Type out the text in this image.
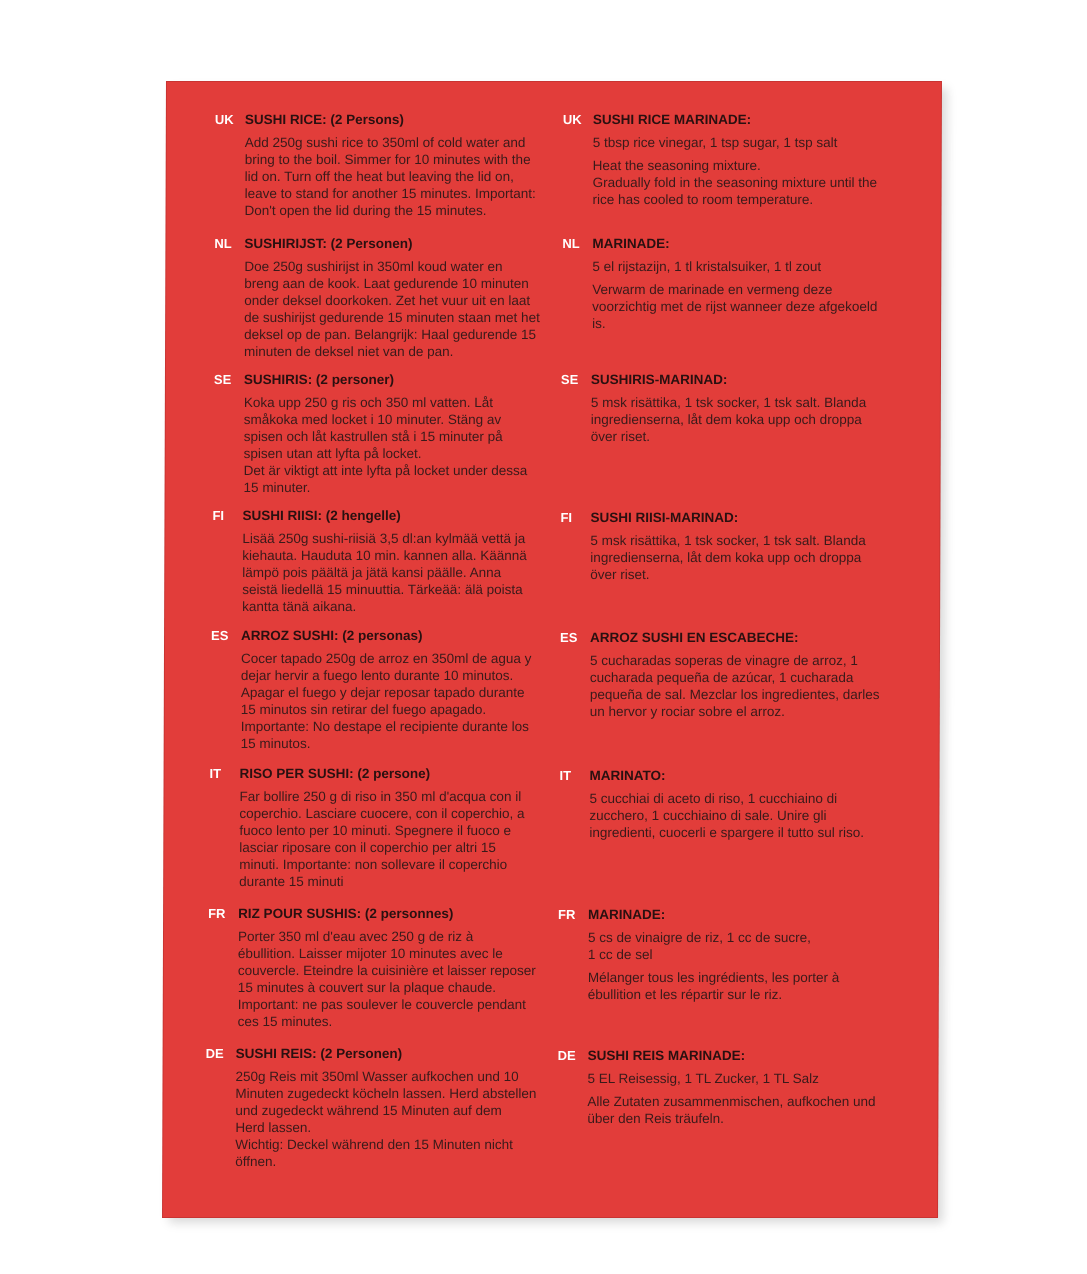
UK SUSHI RICE: (2 Persons)
Add 250g sushi rice to 350ml of cold water and
bring to the boil. Simmer for 10 minutes with the
lid on. Turn off the heat but leaving the lid on,
leave to stand for another 15 minutes. Important:
Don't open the lid during the 15 minutes.
NL SUSHIRIJST: (2 Personen)
Doe 250g sushirijst in 350ml koud water en
breng aan de kook. Laat gedurende 10 minuten
onder deksel doorkoken. Zet het vuur uit en laat
de sushirijst gedurende 15 minuten staan met het
deksel op de pan. Belangrijk: Haal gedurende 15
minuten de deksel niet van de pan.
SE SUSHIRIS: (2 personer)
Koka upp 250 g ris och 350 ml vatten. Låt
småkoka med locket i 10 minuter. Stäng av
spisen och låt kastrullen stå i 15 minuter på
spisen utan att lyfta på locket.
Det är viktigt att inte lyfta på locket under dessa
15 minuter.
FI	SUSHI RIISI: (2 hengelle)
Lisää 250g sushi-riisiä 3,5 dl:an kylmää vettä ja
kiehauta. Hauduta 10 min. kannen alla. Käännä
lämpö pois päältä ja jätä kansi päälle. Anna
seistä liedellä 15 minuuttia. Tärkeää: älä poista
kantta tänä aikana.
ES ARROZ SUSHI: (2 personas)
Cocer tapado 250g de arroz en 350ml de agua y
dejar hervir a fuego lento durante 10 minutos.
Apagar el fuego y dejar reposar tapado durante
15 minutos sin retirar del fuego apagado.
Importante: No destape el recipiente durante los
15 minutos.
IT	RISO PER SUSHI: (2 persone)
Far bollire 250 g di riso in 350 ml d'acqua con il
coperchio. Lasciare cuocere, con il coperchio, a
fuoco lento per 10 minuti. Spegnere il fuoco e
lasciar riposare con il coperchio per altri 15
minuti. Importante: non sollevare il coperchio
durante 15 minuti
FR RIZ POUR SUSHIS: (2 personnes)
Porter 350 ml d'eau avec 250 g de riz à
ébullition. Laisser mijoter 10 minutes avec le
couvercle. Eteindre la cuisinière et laisser reposer
15 minutes à couvert sur la plaque chaude.
Important: ne pas soulever le couvercle pendant
ces 15 minutes.
DE SUSHI REIS: (2 Personen)
250g Reis mit 350ml Wasser aufkochen und 10
Minuten zugedeckt köcheln lassen. Herd abstellen
und zugedeckt während 15 Minuten auf dem
Herd lassen.
Wichtig: Deckel während den 15 Minuten nicht
öffnen.
UK SUSHI RICE MARINADE:

5 tbsp rice vinegar, 1 tsp sugar, 1 tsp salt

Heat the seasoning mixture.
Gradually fold in the seasoning mixture until the
rice has cooled to room temperature.

NL MARINADE:

5 el rijstazijn, 1 tl kristalsuiker, 1 tl zout

Verwarm de marinade en vermeng deze
voorzichtig met de rijst wanneer deze afgekoeld
is.

SE SUSHIRIS-MARINAD:
5 msk risättika, 1 tsk socker, 1 tsk salt. Blanda
ingredienserna, låt dem koka upp och droppa
över riset.
FI	SUSHI RIISI-MARINAD:
5 msk risättika, 1 tsk socker, 1 tsk salt. Blanda
ingredienserna, låt dem koka upp och droppa
över riset.
ES ARROZ SUSHI EN ESCABECHE:
5 cucharadas soperas de vinagre de arroz, 1
cucharada pequeña de azúcar, 1 cucharada
pequeña de sal. Mezclar los ingredientes, darles
un hervor y rociar sobre el arroz.
IT	MARINATO:
5 cucchiai di aceto di riso, 1 cucchiaino di
zucchero, 1 cucchiaino di sale. Unire gli
ingredienti, cuocerli e spargere il tutto sul riso.
FR MARINADE:

5 cs de vinaigre de riz, 1 cc de sucre,
1 cc de sel

Mélanger tous les ingrédients, les porter à
ébullition et les répartir sur le riz.

DE SUSHI REIS MARINADE:

5 EL Reisessig, 1 TL Zucker, 1 TL Salz

Alle Zutaten zusammenmischen, aufkochen und
über den Reis träufeln.
